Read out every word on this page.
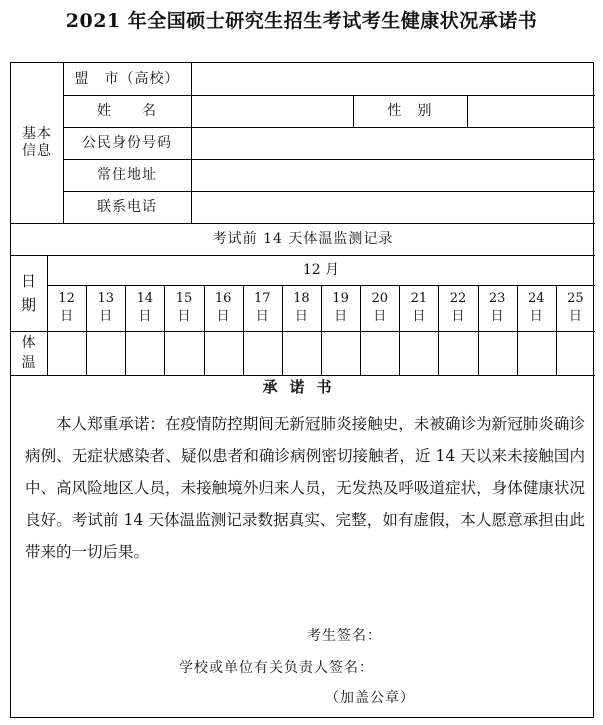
2021 年全国硕士研究生招生考试考生健康状况承诺书
基本
信息
盟　市（高校）
姓　　名	性　别
公民身份号码
常住地址
联系电话
考试前 14 天体温监测记录
日
期
12 月
12
日
13
日
14
日
15
日
16
日
17
日
18
日
19
日
20
日
21
日
22
日
23
日
24
日
25
日
体
温
承诺书
本人郑重承诺：在疫情防控期间无新冠肺炎接触史，未被确诊为新冠肺炎确诊病例、无症状感染者、疑似患者和确诊病例密切接触者，近 14 天以来未接触国内中、高风险地区人员，未接触境外归来人员，无发热及呼吸道症状，身体健康状况良好。考试前 14 天体温监测记录数据真实、完整，如有虚假，本人愿意承担由此带来的一切后果。
考生签名：
学校或单位有关负责人签名：
（加盖公章）
